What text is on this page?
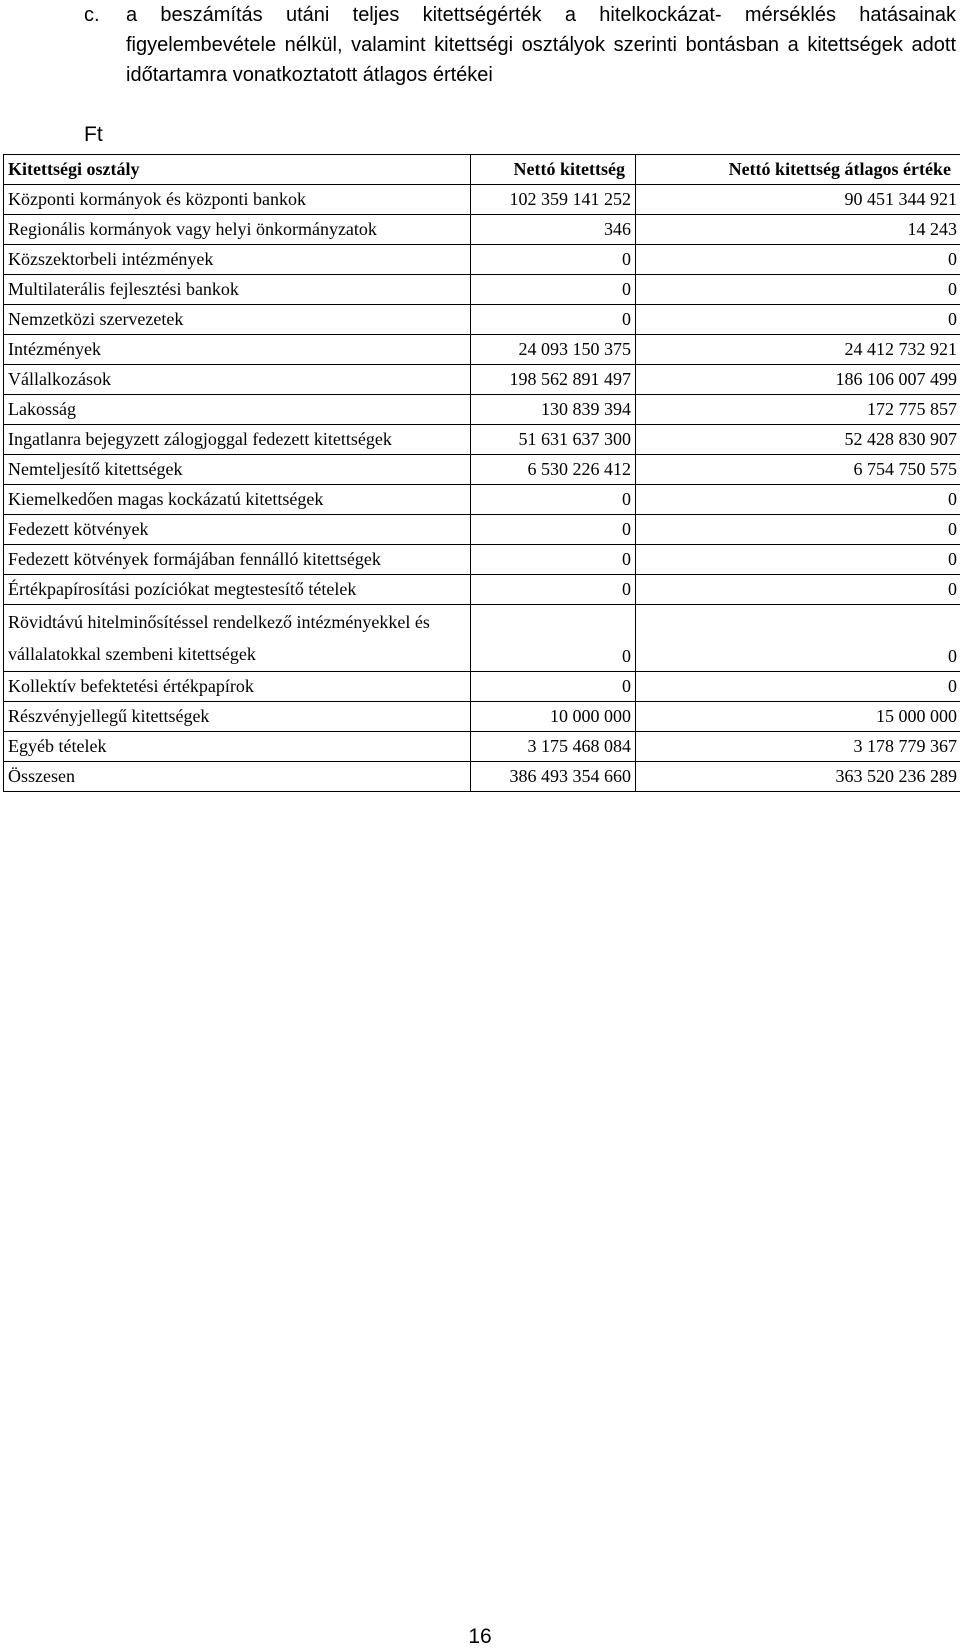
c. a beszámítás utáni teljes kitettségérték a hitelkockázat- mérséklés hatásainak figyelembevétele nélkül, valamint kitettségi osztályok szerinti bontásban a kitettségek adott időtartamra vonatkoztatott átlagos értékei
Ft
Kitettségi osztály	Nettó kitettség	Nettó kitettség átlagos értéke
Központi kormányok és központi bankok	102 359 141 252	90 451 344 921
Regionális kormányok vagy helyi önkormányzatok	346	14 243
Közszektorbeli intézmények	0	0
Multilaterális fejlesztési bankok	0	0
Nemzetközi szervezetek	0	0
Intézmények	24 093 150 375	24 412 732 921
Vállalkozások	198 562 891 497	186 106 007 499
Lakosság	130 839 394	172 775 857
Ingatlanra bejegyzett zálogjoggal fedezett kitettségek	51 631 637 300	52 428 830 907
Nemteljesítő kitettségek	6 530 226 412	6 754 750 575
Kiemelkedően magas kockázatú kitettségek	0	0
Fedezett kötvények	0	0
Fedezett kötvények formájában fennálló kitettségek	0	0
Értékpapírosítási pozíciókat megtestesítő tételek	0	0
Rövidtávú hitelminősítéssel rendelkező intézményekkel és vállalatokkal szembeni kitettségek	0	0
Kollektív befektetési értékpapírok	0	0
Részvényjellegű kitettségek	10 000 000	15 000 000
Egyéb tételek	3 175 468 084	3 178 779 367
Összesen	386 493 354 660	363 520 236 289
16
